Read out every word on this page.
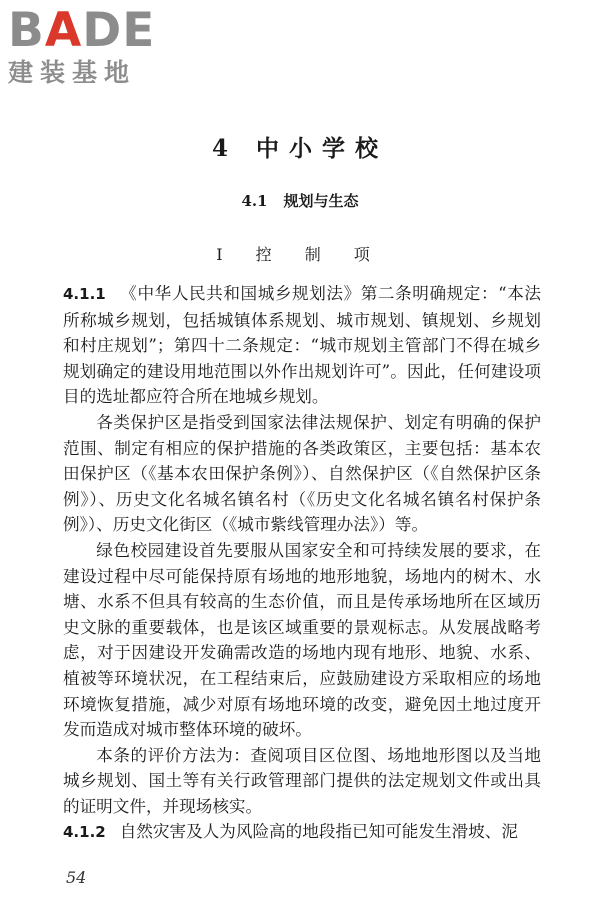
BADE
建装基地
4 中小学校
4.1 规划与生态
Ⅰ 控 制 项

4.1.1 《中华人民共和国城乡规划法》第二条明确规定：“本法所称城乡规划，包括城镇体系规划、城市规划、镇规划、乡规划和村庄规划”；第四十二条规定：“城市规划主管部门不得在城乡规划确定的建设用地范围以外作出规划许可”。因此，任何建设项目的选址都应符合所在地城乡规划。

各类保护区是指受到国家法律法规保护、划定有明确的保护范围、制定有相应的保护措施的各类政策区，主要包括：基本农田保护区（《基本农田保护条例》）、自然保护区（《自然保护区条例》）、历史文化名城名镇名村（《历史文化名城名镇名村保护条例》）、历史文化街区（《城市紫线管理办法》）等。

绿色校园建设首先要服从国家安全和可持续发展的要求，在建设过程中尽可能保持原有场地的地形地貌，场地内的树木、水塘、水系不但具有较高的生态价值，而且是传承场地所在区域历史文脉的重要载体，也是该区域重要的景观标志。从发展战略考虑，对于因建设开发确需改造的场地内现有地形、地貌、水系、植被等环境状况，在工程结束后，应鼓励建设方采取相应的场地环境恢复措施，减少对原有场地环境的改变，避免因土地过度开发而造成对城市整体环境的破坏。

本条的评价方法为：查阅项目区位图、场地地形图以及当地城乡规划、国土等有关行政管理部门提供的法定规划文件或出具的证明文件，并现场核实。

4.1.2 自然灾害及人为风险高的地段指已知可能发生滑坡、泥

54
